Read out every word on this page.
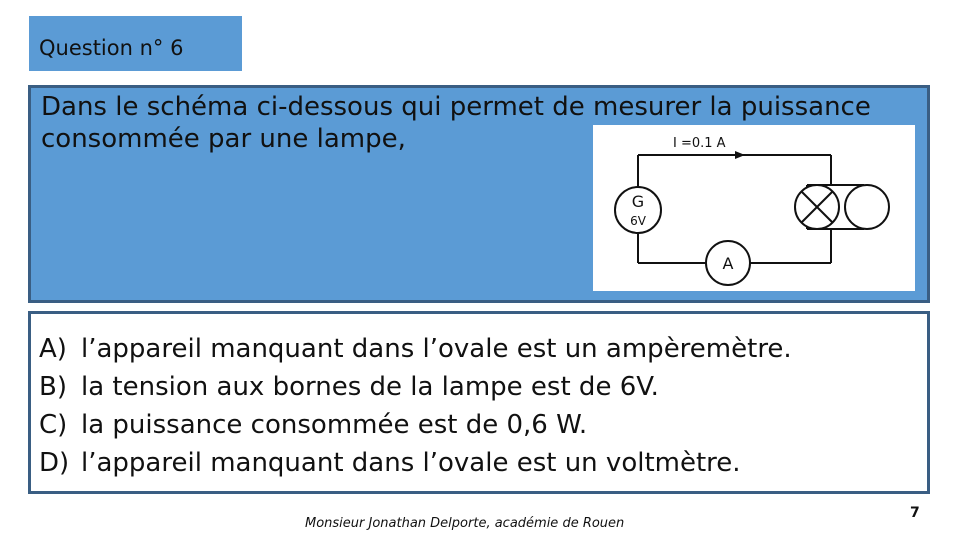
Question n° 6
Dans le schéma ci-dessous qui permet de mesurer la puissance consommée par une lampe,	I =0.1 A
G
6V
A
A) l’appareil manquant dans l’ovale est un ampèremètre.
B) la tension aux bornes de la lampe est de 6V.
C) la puissance consommée est de 0,6 W.
D) l’appareil manquant dans l’ovale est un voltmètre.
Monsieur Jonathan Delporte, académie de Rouen
7
